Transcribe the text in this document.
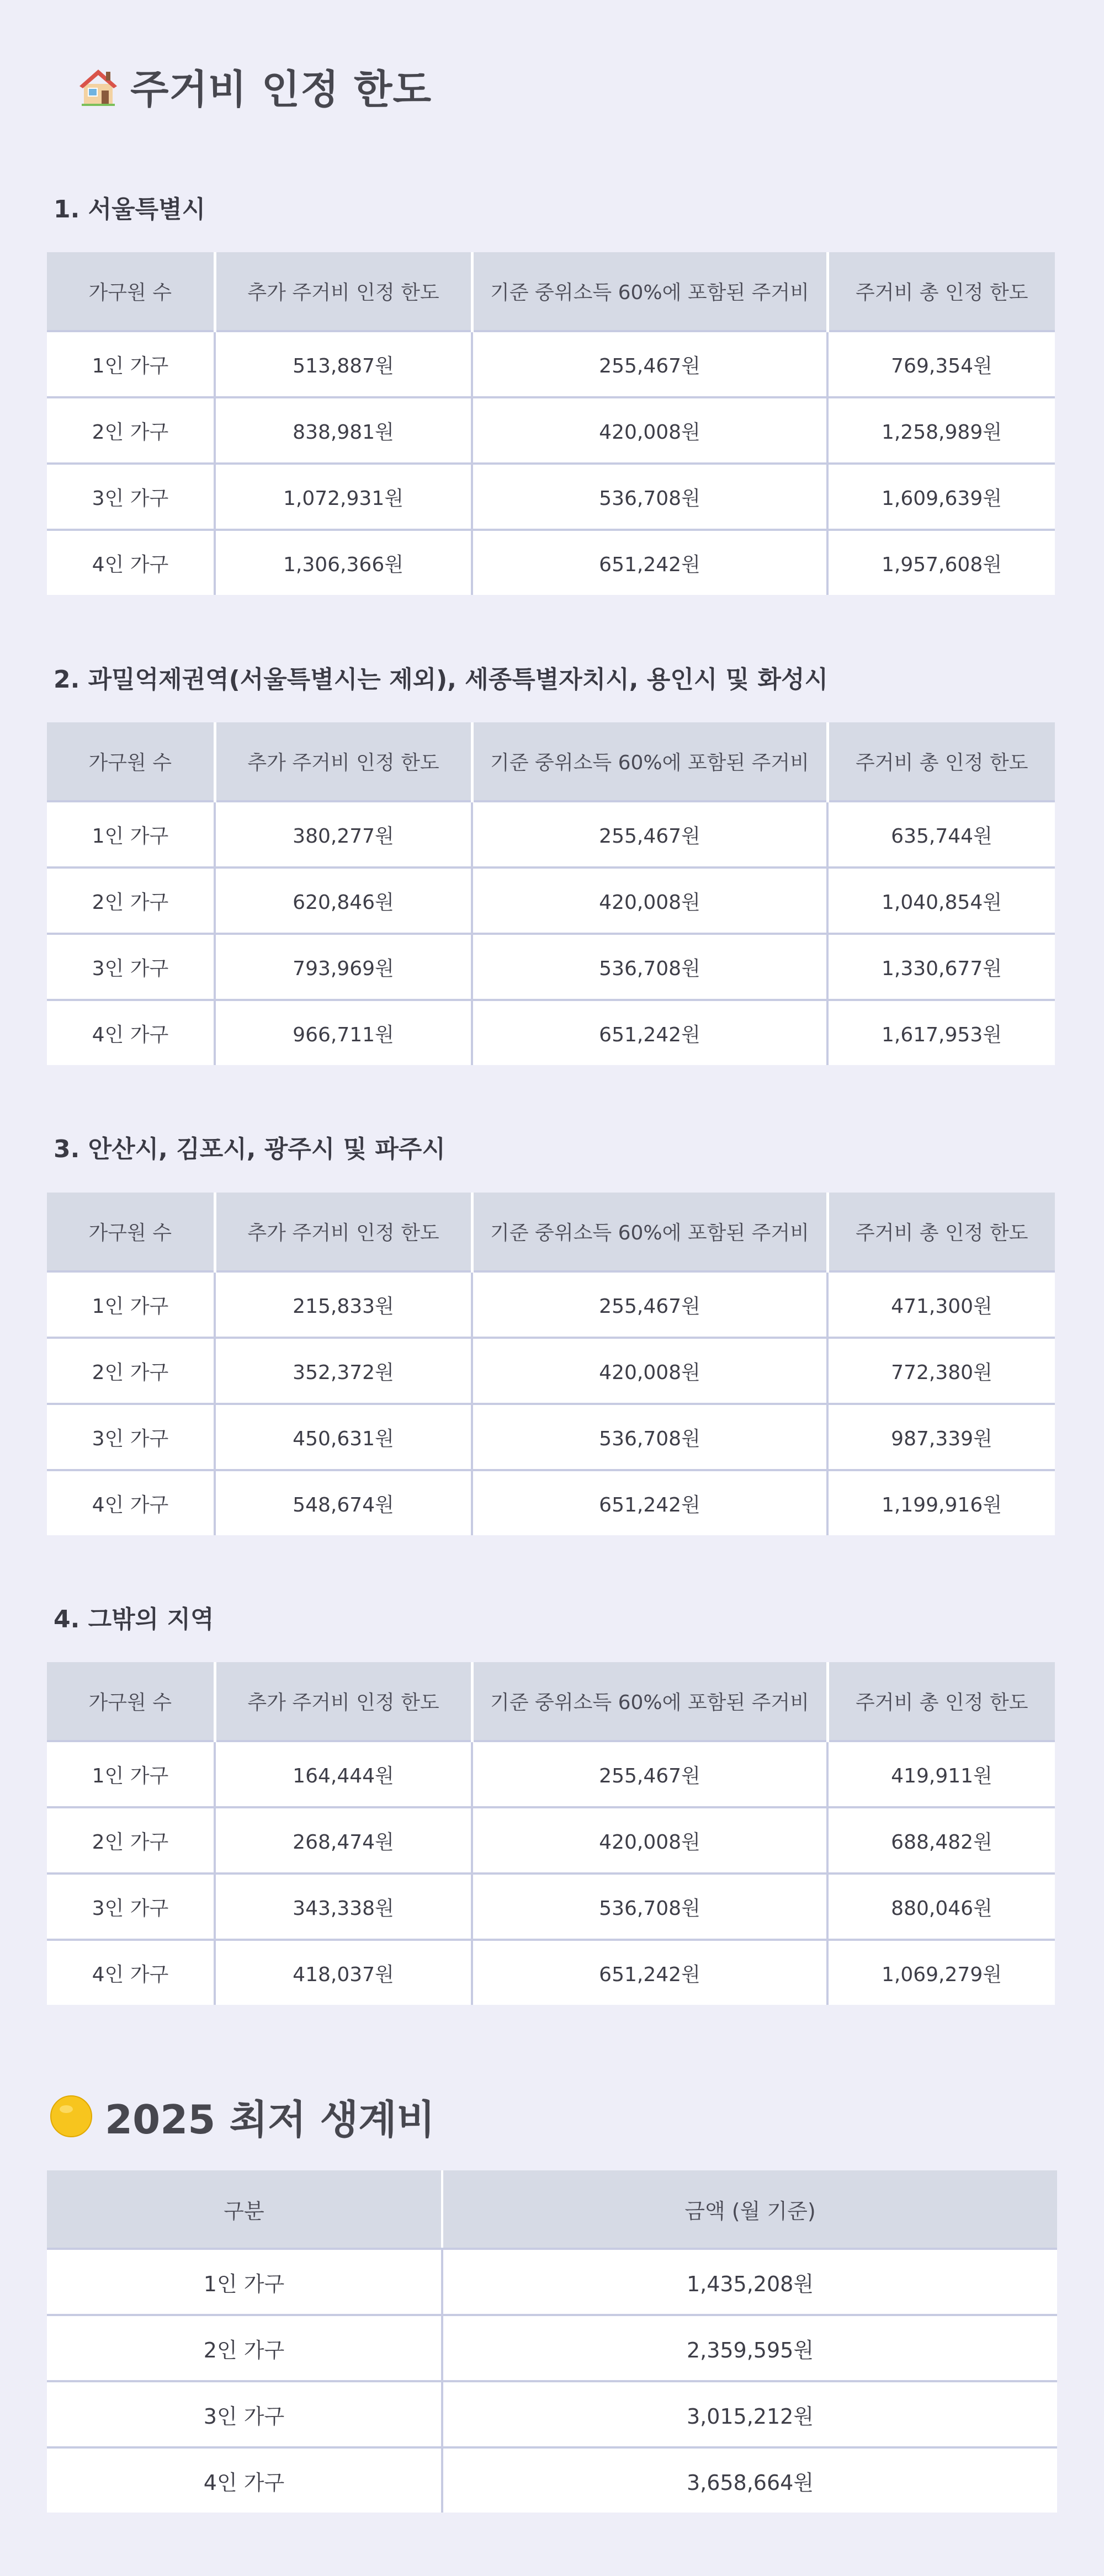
주거비 인정 한도
1. 서울특별시
가구원 수	추가 주거비 인정 한도	기준 중위소득 60%에 포함된 주거비	주거비 총 인정 한도
1인 가구	513,887원	255,467원	769,354원
2인 가구	838,981원	420,008원	1,258,989원
3인 가구	1,072,931원	536,708원	1,609,639원
4인 가구	1,306,366원	651,242원	1,957,608원
2. 과밀억제권역(서울특별시는 제외), 세종특별자치시, 용인시 및 화성시
가구원 수	추가 주거비 인정 한도	기준 중위소득 60%에 포함된 주거비	주거비 총 인정 한도
1인 가구	380,277원	255,467원	635,744원
2인 가구	620,846원	420,008원	1,040,854원
3인 가구	793,969원	536,708원	1,330,677원
4인 가구	966,711원	651,242원	1,617,953원
3. 안산시, 김포시, 광주시 및 파주시
가구원 수	추가 주거비 인정 한도	기준 중위소득 60%에 포함된 주거비	주거비 총 인정 한도
1인 가구	215,833원	255,467원	471,300원
2인 가구	352,372원	420,008원	772,380원
3인 가구	450,631원	536,708원	987,339원
4인 가구	548,674원	651,242원	1,199,916원
4. 그밖의 지역
가구원 수	추가 주거비 인정 한도	기준 중위소득 60%에 포함된 주거비	주거비 총 인정 한도
1인 가구	164,444원	255,467원	419,911원
2인 가구	268,474원	420,008원	688,482원
3인 가구	343,338원	536,708원	880,046원
4인 가구	418,037원	651,242원	1,069,279원
2025 최저 생계비
구분	금액 (월 기준)
1인 가구	1,435,208원
2인 가구	2,359,595원
3인 가구	3,015,212원
4인 가구	3,658,664원
